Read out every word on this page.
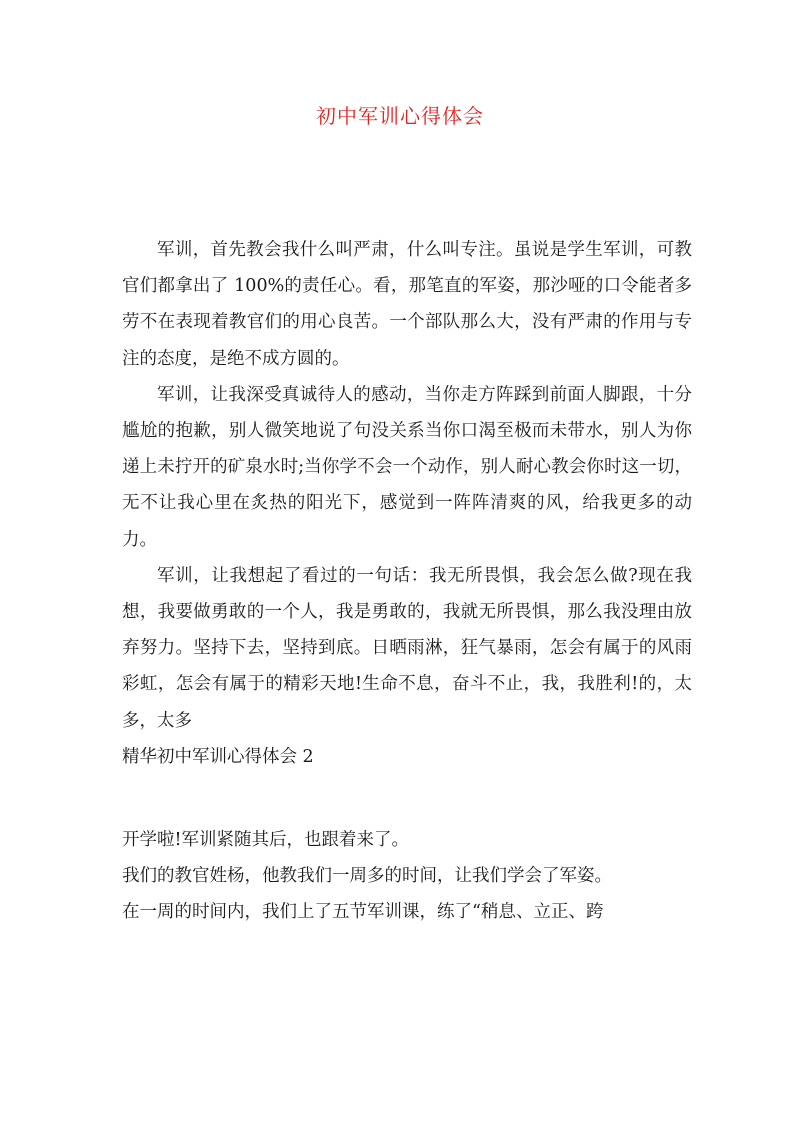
初中军训心得体会

军训，首先教会我什么叫严肃，什么叫专注。虽说是学生军训，可教官们都拿出了 100%的责任心。看，那笔直的军姿，那沙哑的口令能者多劳不在表现着教官们的用心良苦。一个部队那么大，没有严肃的作用与专注的态度，是绝不成方圆的。

军训，让我深受真诚待人的感动，当你走方阵踩到前面人脚跟，十分尴尬的抱歉，别人微笑地说了句没关系当你口渴至极而未带水，别人为你递上未拧开的矿泉水时;当你学不会一个动作，别人耐心教会你时这一切，无不让我心里在炙热的阳光下，感觉到一阵阵清爽的风，给我更多的动力。

军训，让我想起了看过的一句话：我无所畏惧，我会怎么做?现在我想，我要做勇敢的一个人，我是勇敢的，我就无所畏惧，那么我没理由放弃努力。坚持下去，坚持到底。日晒雨淋，狂气暴雨，怎会有属于的风雨彩虹，怎会有属于的精彩天地!生命不息，奋斗不止，我，我胜利!的，太多，太多

精华初中军训心得体会 2

开学啦!军训紧随其后，也跟着来了。

我们的教官姓杨，他教我们一周多的时间，让我们学会了军姿。

在一周的时间内，我们上了五节军训课，练了“稍息、立正、跨
